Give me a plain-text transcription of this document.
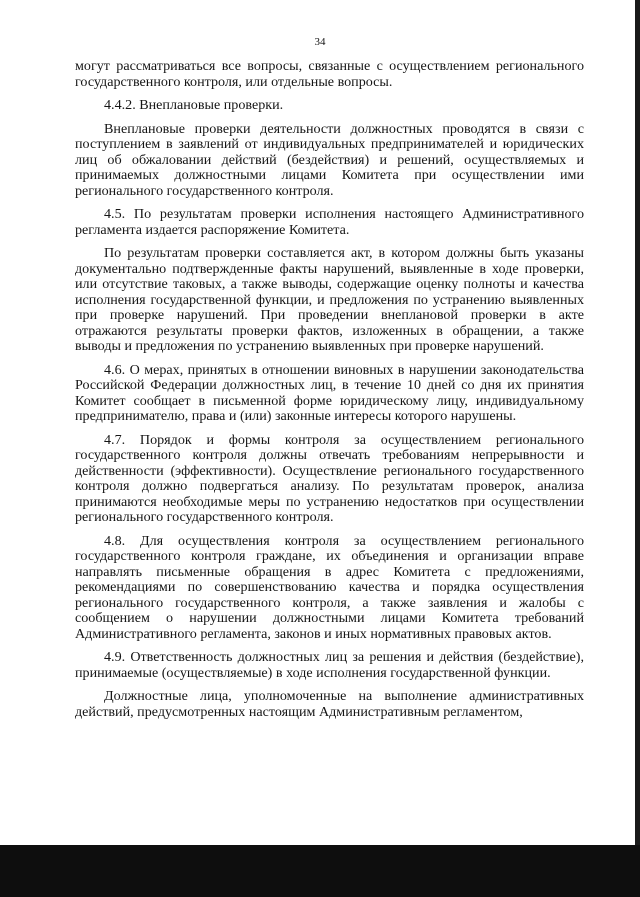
34

могут рассматриваться все вопросы, связанные с осуществлением регионального государственного контроля, или отдельные вопросы.

4.4.2. Внеплановые проверки.

Внеплановые проверки деятельности должностных проводятся в связи с поступлением в заявлений от индивидуальных предпринимателей и юридических лиц об обжаловании действий (бездействия) и решений, осуществляемых и принимаемых должностными лицами Комитета при осуществлении ими регионального государственного контроля.

4.5. По результатам проверки исполнения настоящего Административного регламента издается распоряжение Комитета.

По результатам проверки составляется акт, в котором должны быть указаны документально подтвержденные факты нарушений, выявленные в ходе проверки, или отсутствие таковых, а также выводы, содержащие оценку полноты и качества исполнения государственной функции, и предложения по устранению выявленных при проверке нарушений. При проведении внеплановой проверки в акте отражаются результаты проверки фактов, изложенных в обращении, а также выводы и предложения по устранению выявленных при проверке нарушений.

4.6. О мерах, принятых в отношении виновных в нарушении законодательства Российской Федерации должностных лиц, в течение 10 дней со дня их принятия Комитет сообщает в письменной форме юридическому лицу, индивидуальному предпринимателю, права и (или) законные интересы которого нарушены.

4.7. Порядок и формы контроля за осуществлением регионального государственного контроля должны отвечать требованиям непрерывности и действенности (эффективности). Осуществление регионального государственного контроля должно подвергаться анализу. По результатам проверок, анализа принимаются необходимые меры по устранению недостатков при осуществлении регионального государственного контроля.

4.8. Для осуществления контроля за осуществлением регионального государственного контроля граждане, их объединения и организации вправе направлять письменные обращения в адрес Комитета с предложениями, рекомендациями по совершенствованию качества и порядка осуществления регионального государственного контроля, а также заявления и жалобы с сообщением о нарушении должностными лицами Комитета требований Административного регламента, законов и иных нормативных правовых актов.

4.9. Ответственность должностных лиц за решения и действия (бездействие), принимаемые (осуществляемые) в ходе исполнения государственной функции.

Должностные лица, уполномоченные на выполнение административных действий, предусмотренных настоящим Административным регламентом,
